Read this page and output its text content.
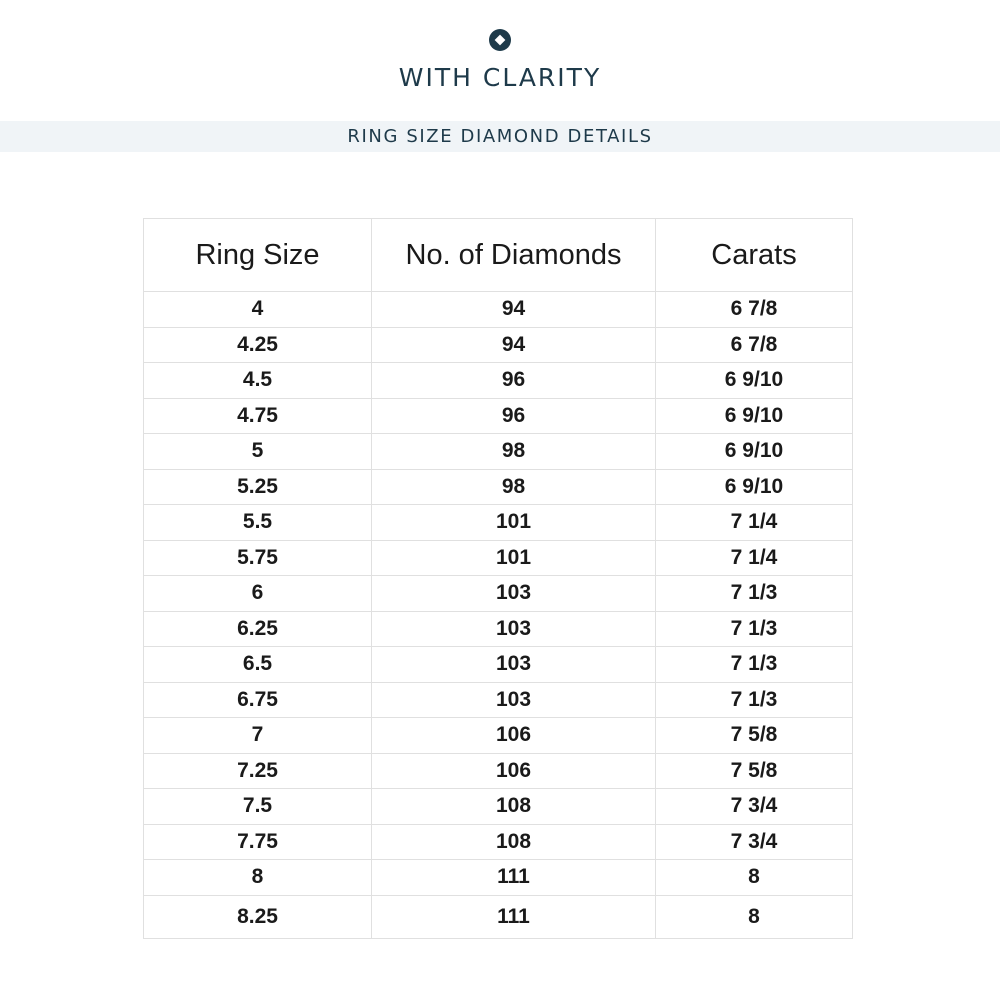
WITH CLARITY
RING SIZE DIAMOND DETAILS
Ring Size	No. of Diamonds	Carats
4	94	6 7/8
4.25	94	6 7/8
4.5	96	6 9/10
4.75	96	6 9/10
5	98	6 9/10
5.25	98	6 9/10
5.5	101	7 1/4
5.75	101	7 1/4
6	103	7 1/3
6.25	103	7 1/3
6.5	103	7 1/3
6.75	103	7 1/3
7	106	7 5/8
7.25	106	7 5/8
7.5	108	7 3/4
7.75	108	7 3/4
8	111	8
8.25	111	8
